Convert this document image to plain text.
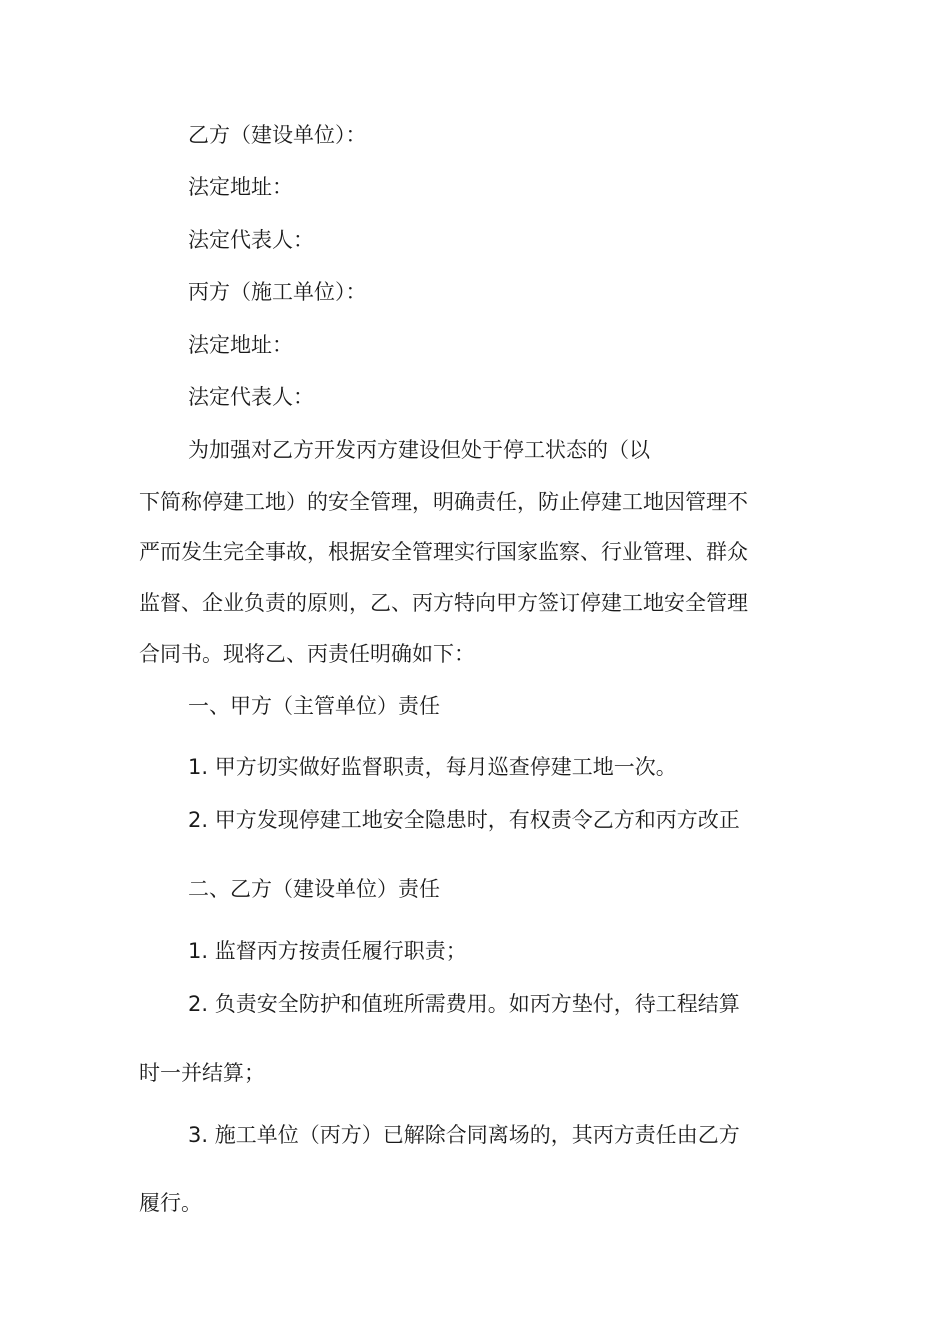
乙方（建设单位）：
法定地址：
法定代表人：
丙方（施工单位）：
法定地址：
法定代表人：
为加强对乙方开发丙方建设但处于停工状态的（以
下简称停建工地）的安全管理，明确责任，防止停建工地因管理不
严而发生完全事故，根据安全管理实行国家监察、行业管理、群众
监督、企业负责的原则，乙、丙方特向甲方签订停建工地安全管理
合同书。现将乙、丙责任明确如下：
一、甲方（主管单位）责任
1. 甲方切实做好监督职责，每月巡查停建工地一次。
2. 甲方发现停建工地安全隐患时，有权责令乙方和丙方改正
二、乙方（建设单位）责任
1. 监督丙方按责任履行职责；
2. 负责安全防护和值班所需费用。如丙方垫付，待工程结算
时一并结算；
3. 施工单位（丙方）已解除合同离场的，其丙方责任由乙方
履行。
